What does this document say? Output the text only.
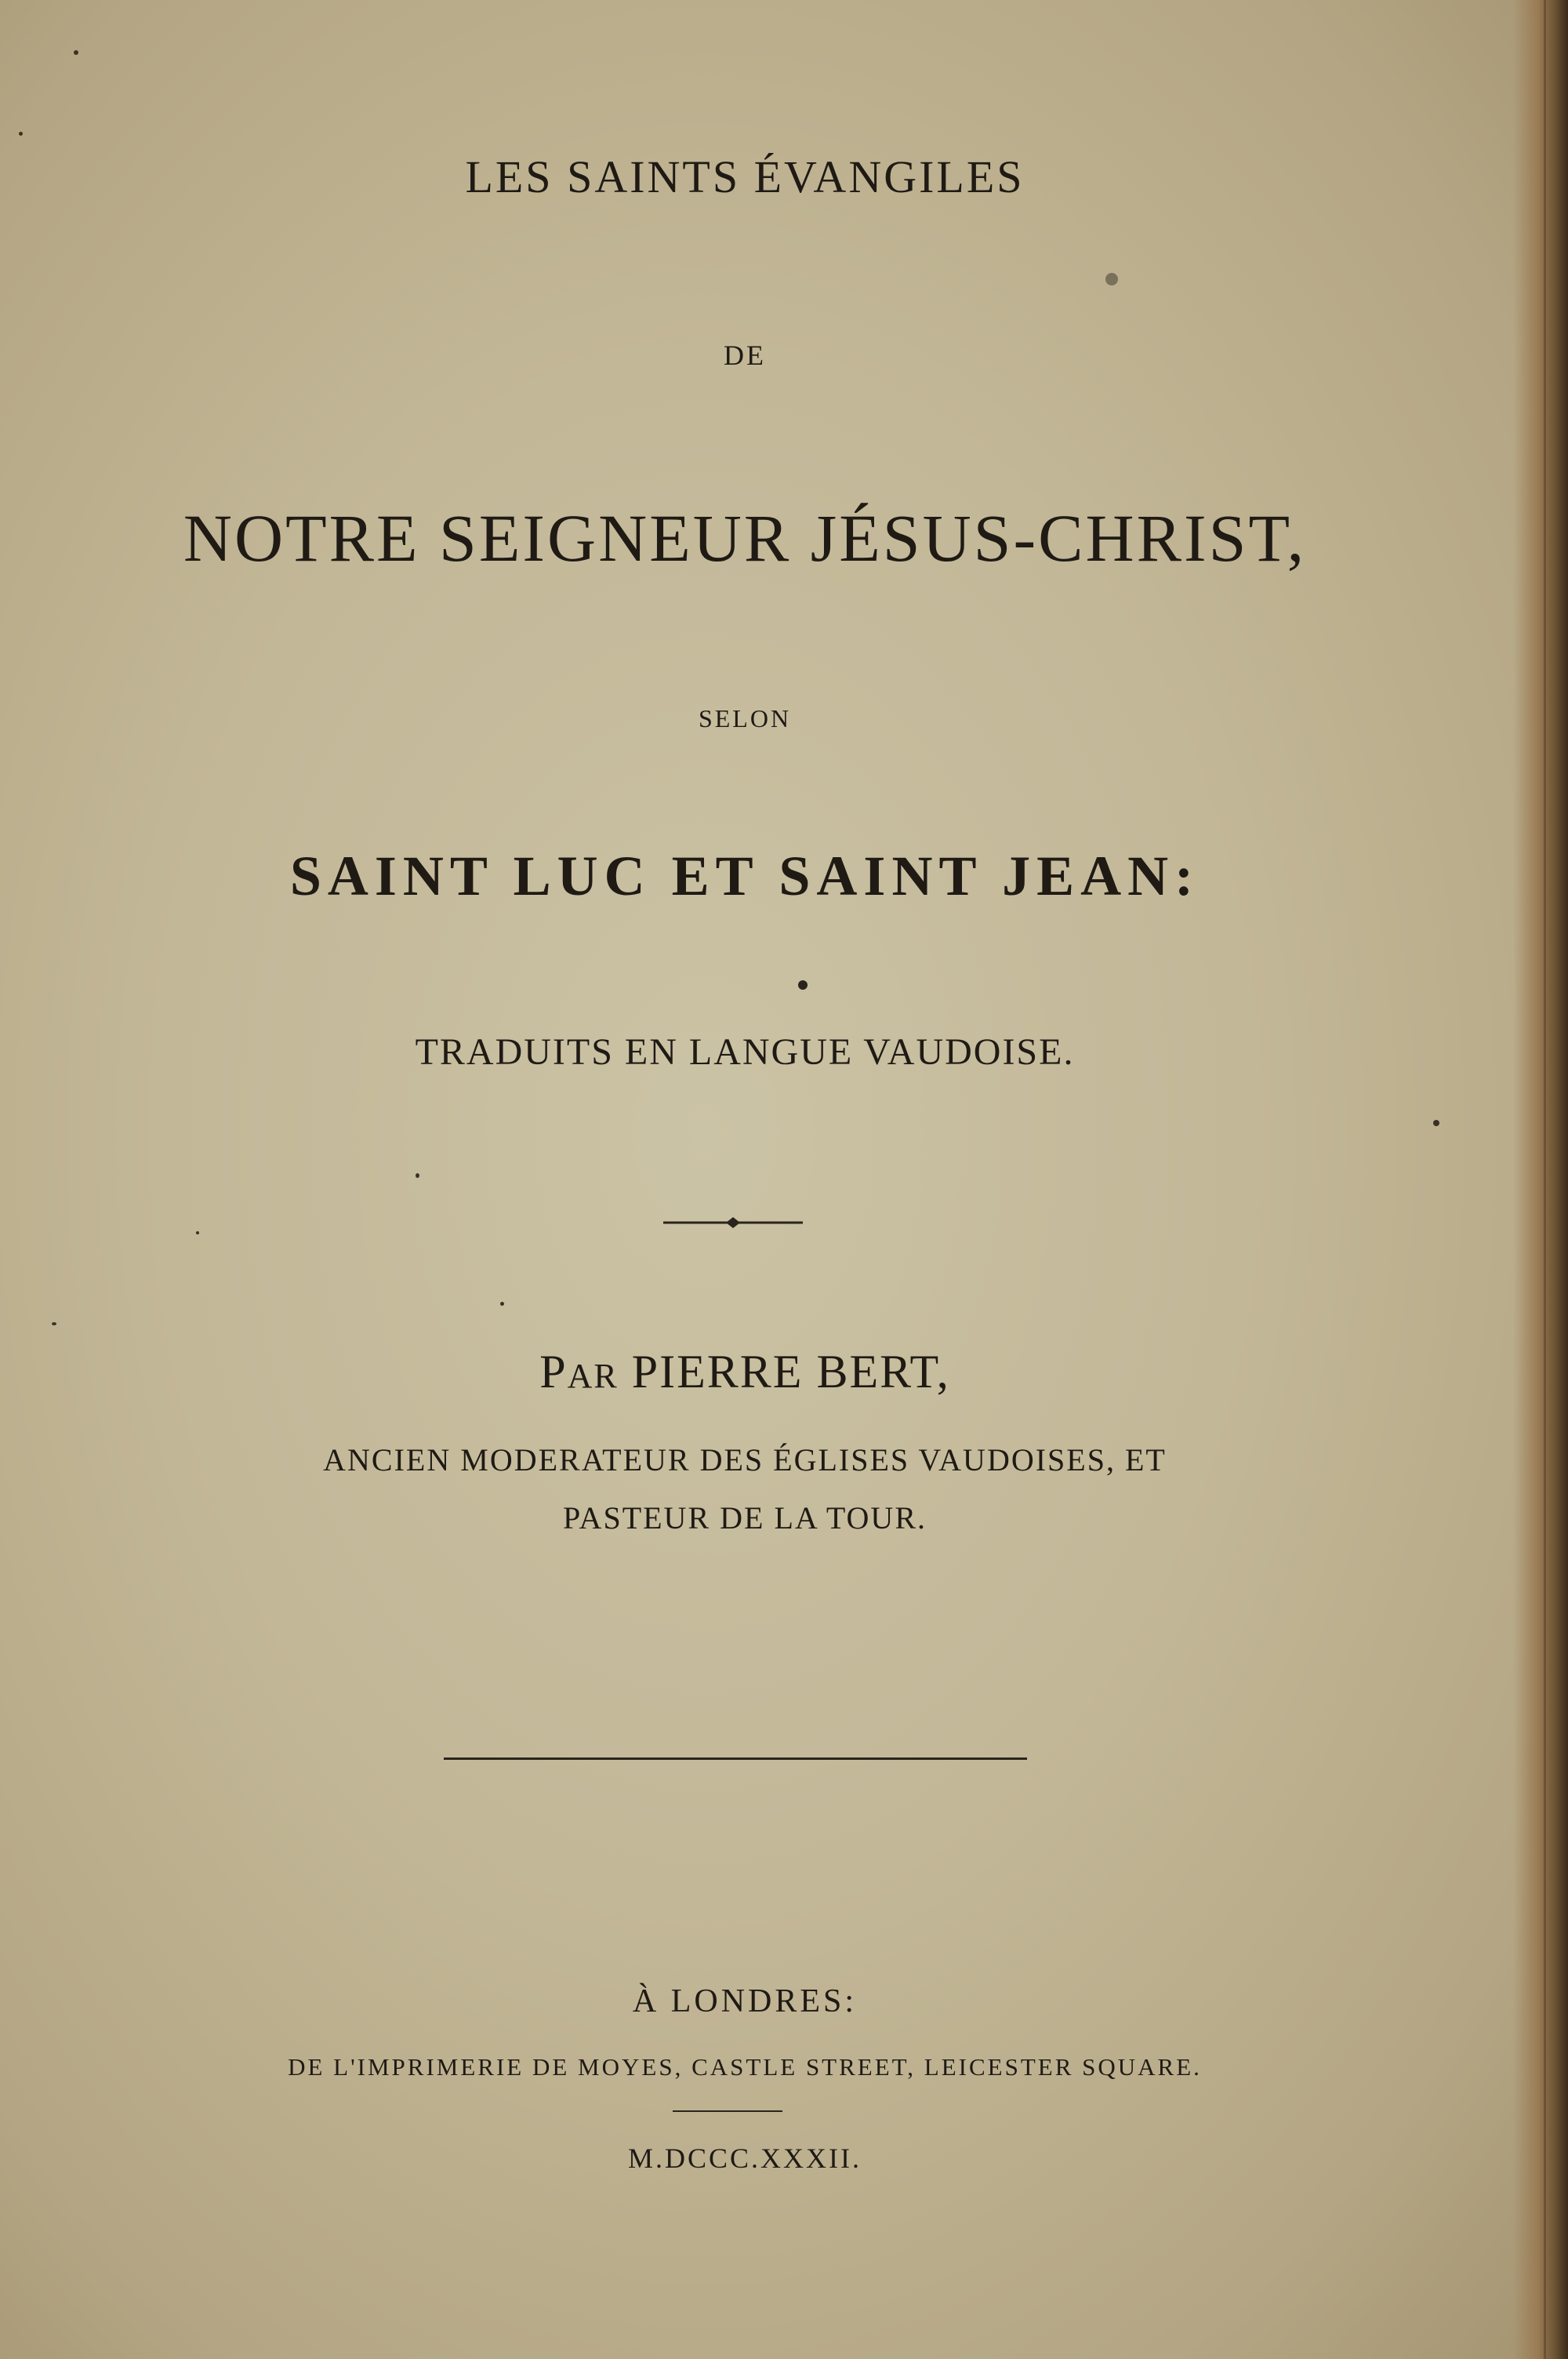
LES SAINTS ÉVANGILES
DE
NOTRE SEIGNEUR JÉSUS-CHRIST,
SELON
SAINT LUC ET SAINT JEAN:
TRADUITS EN LANGUE VAUDOISE.
PAR PIERRE BERT,
ANCIEN MODERATEUR DES ÉGLISES VAUDOISES, ET
PASTEUR DE LA TOUR.
À LONDRES:
DE L'IMPRIMERIE DE MOYES, CASTLE STREET, LEICESTER SQUARE.
M.DCCC.XXXII.
